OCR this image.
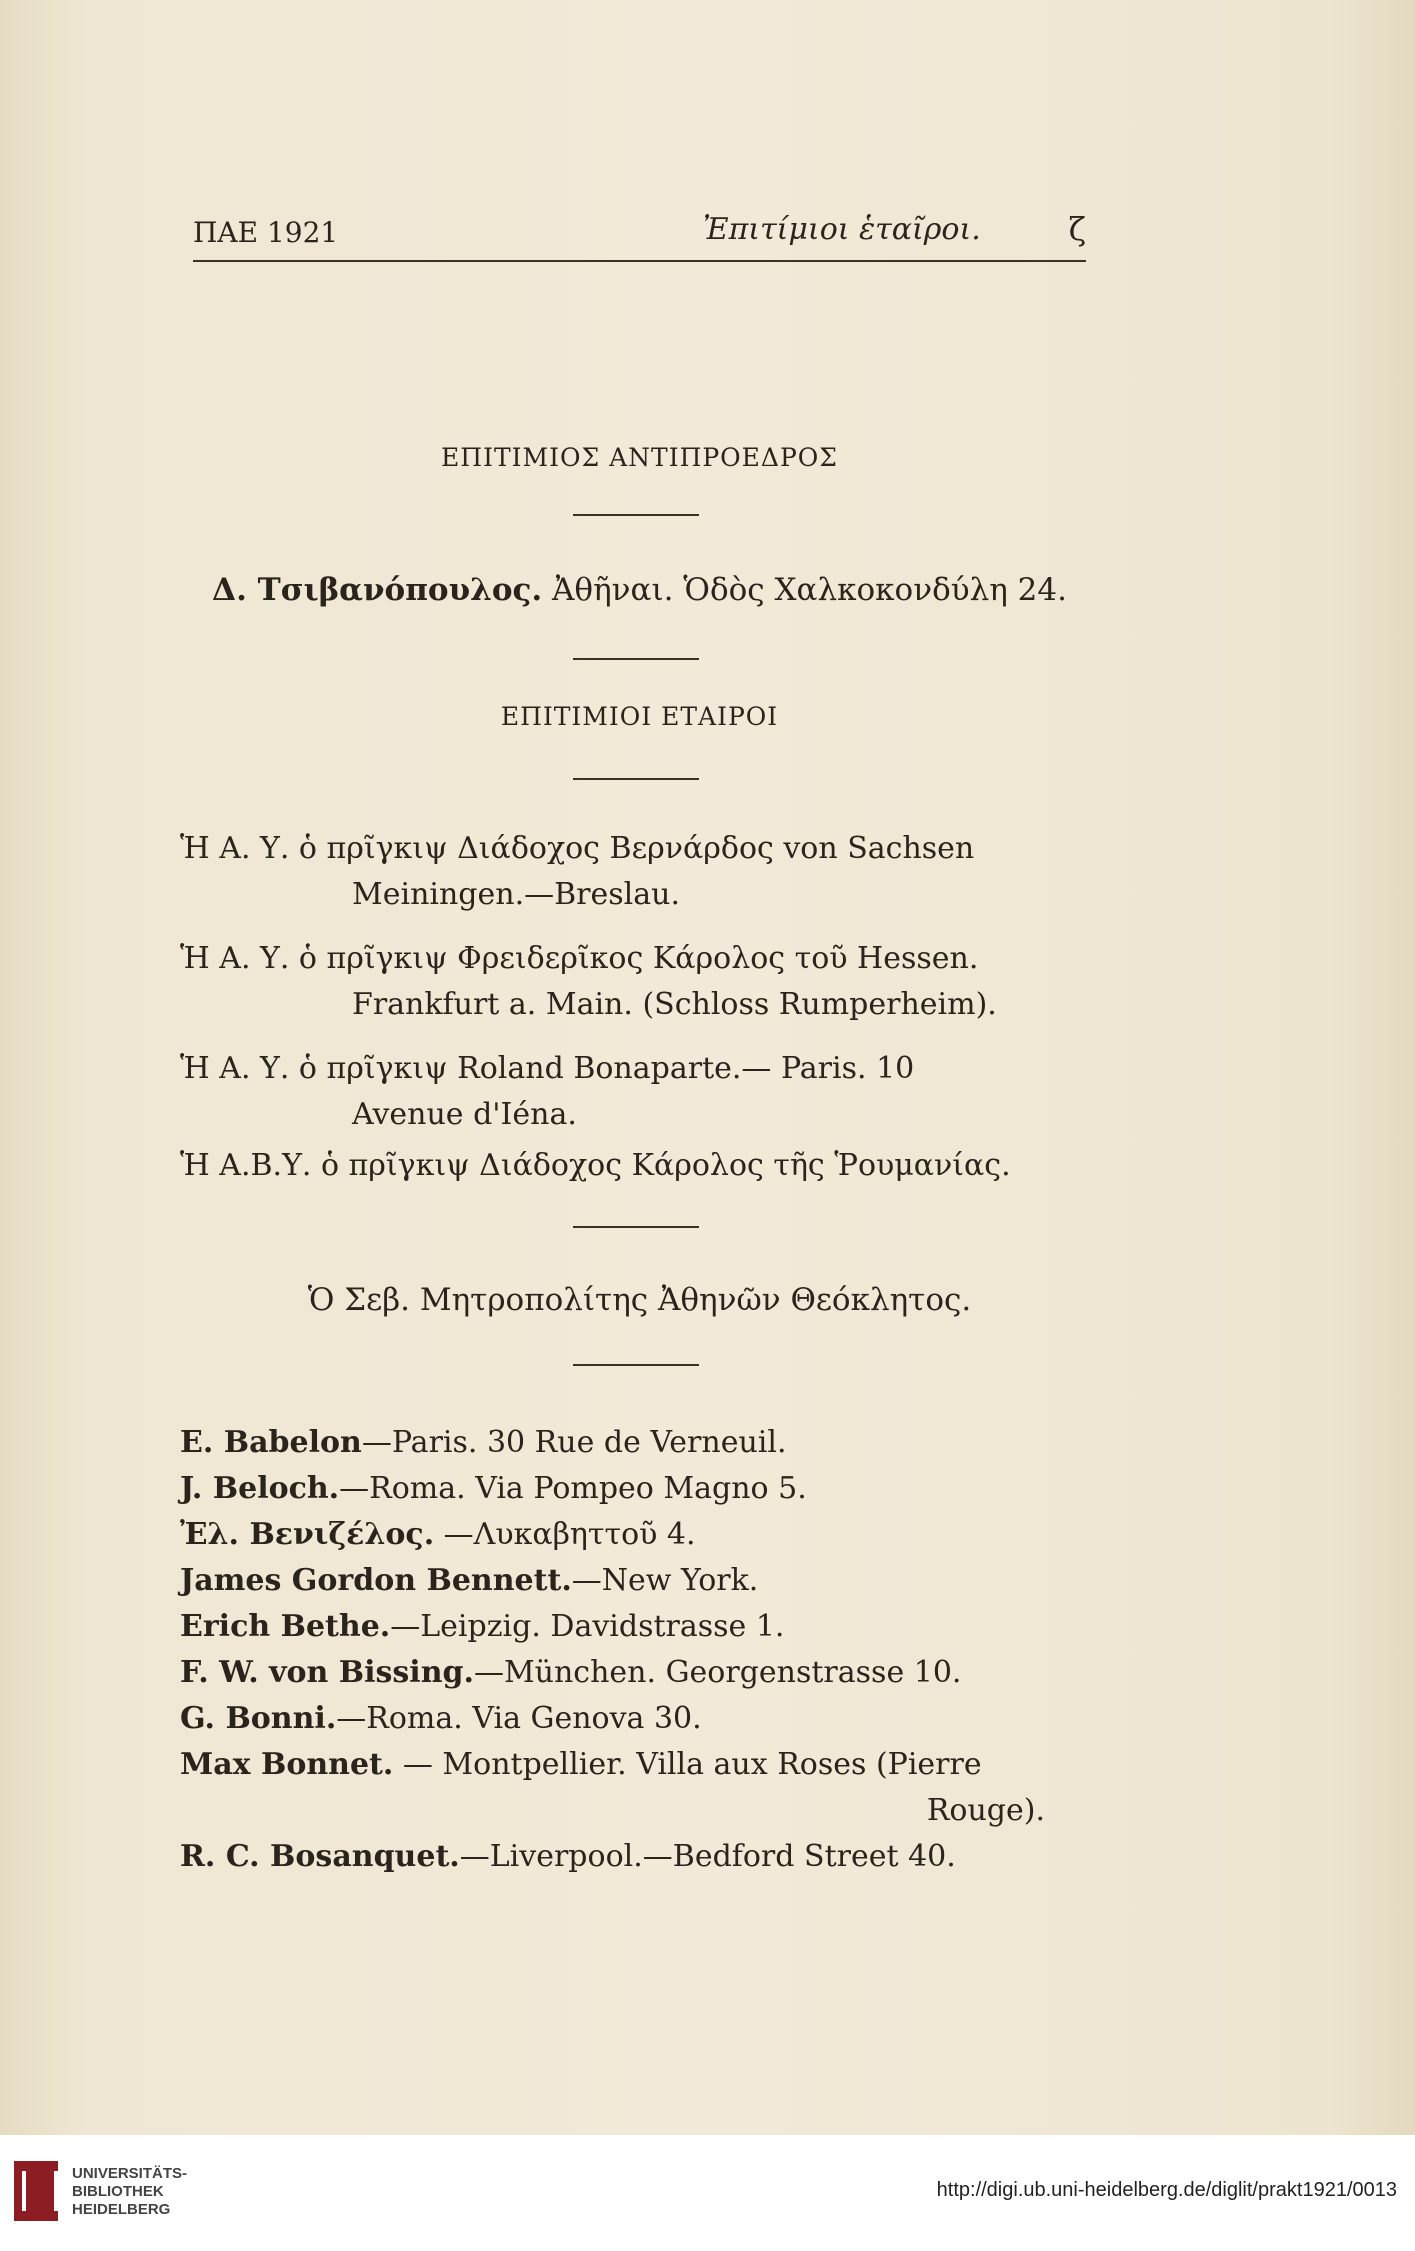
ΠΑΕ 1921	Ἐπιτίμιοι ἑταῖροι.	ζ
ΕΠΙΤΙΜΙΟΣ ΑΝΤΙΠΡΟΕΔΡΟΣ
Δ. Τσιβανόπουλος. Ἀθῆναι. Ὁδὸς Χαλκοκονδύλη 24.
ΕΠΙΤΙΜΙΟΙ ΕΤΑΙΡΟΙ
Ἡ Α. Υ. ὁ πρῖγκιψ Διάδοχος Βερνάρδος von Sachsen
Meiningen.—Breslau.
Ἡ Α. Υ. ὁ πρῖγκιψ Φρειδερῖκος Κάρολος τοῦ Hessen.
Frankfurt a. Main. (Schloss Rumperheim).
Ἡ Α. Υ. ὁ πρῖγκιψ Roland Bonaparte.— Paris. 10
Avenue d'Iéna.
Ἡ Α.Β.Υ. ὁ πρῖγκιψ Διάδοχος Κάρολος τῆς Ῥουμανίας.
Ὁ Σεβ. Μητροπολίτης Ἀθηνῶν Θεόκλητος.
E. Babelon—Paris. 30 Rue de Verneuil.
J. Beloch.—Roma. Via Pompeo Magno 5.
Ἐλ. Βενιζέλος. —Λυκαβηττοῦ 4.
James Gordon Bennett.—New York.
Erich Bethe.—Leipzig. Davidstrasse 1.
F. W. von Bissing.—München. Georgenstrasse 10.
G. Bonni.—Roma. Via Genova 30.
Max Bonnet. — Montpellier. Villa aux Roses (Pierre
Rouge).
R. C. Bosanquet.—Liverpool.—Bedford Street 40.
UNIVERSITÄTS-
BIBLIOTHEK
HEIDELBERG
http://digi.ub.uni-heidelberg.de/diglit/prakt1921/0013
